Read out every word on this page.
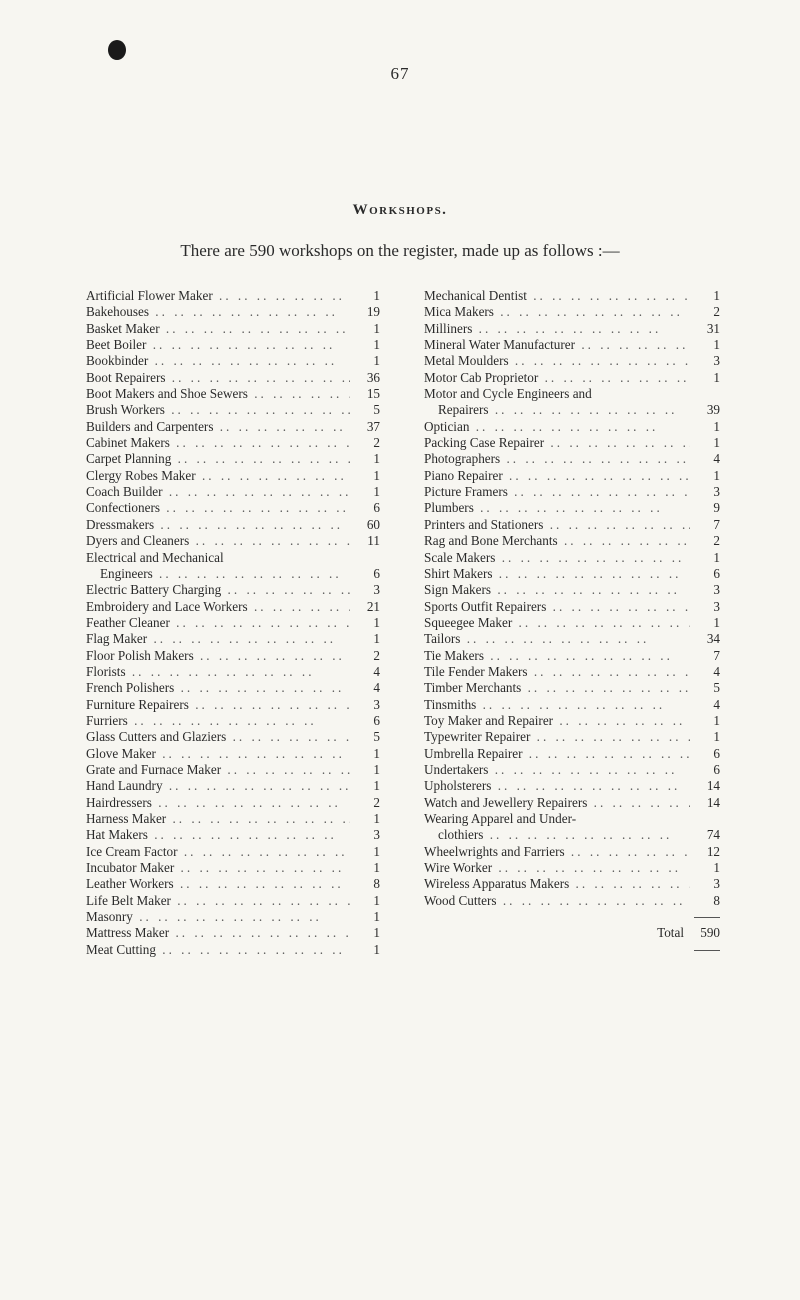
67
Workshops.
There are 590 workshops on the register, made up as follows :—
Artificial Flower Maker .. ..	1
Bakehouses .. ..	19
Basket Maker .. ..	1
Beet Boiler .. ..	1
Bookbinder .. ..	1
Boot Repairers .. ..	36
Boot Makers and Shoe Sewers .. ..	15
Brush Workers .. ..	5
Builders and Carpenters .. ..	37
Cabinet Makers .. ..	2
Carpet Planning .. ..	1
Clergy Robes Maker .. ..	1
Coach Builder .. ..	1
Confectioners .. ..	6
Dressmakers .. ..	60
Dyers and Cleaners .. ..	11
Electrical and Mechanical
Engineers .. ..	6
Electric Battery Charging .. ..	3
Embroidery and Lace Workers .. ..	21
Feather Cleaner .. ..	1
Flag Maker .. ..	1
Floor Polish Makers .. ..	2
Florists .. ..	4
French Polishers .. ..	4
Furniture Repairers .. ..	3
Furriers .. ..	6
Glass Cutters and Glaziers .. ..	5
Glove Maker .. ..	1
Grate and Furnace Maker .. ..	1
Hand Laundry .. ..	1
Hairdressers .. ..	2
Harness Maker .. ..	1
Hat Makers .. ..	3
Ice Cream Factor .. ..	1
Incubator Maker .. ..	1
Leather Workers .. ..	8
Life Belt Maker .. ..	1
Masonry .. ..	1
Mattress Maker .. ..	1
Meat Cutting .. ..	1
Mechanical Dentist .. ..	1
Mica Makers .. ..	2
Milliners .. ..	31
Mineral Water Manufacturer .. ..	1
Metal Moulders .. ..	3
Motor Cab Proprietor .. ..	1
Motor and Cycle Engineers and
Repairers .. ..	39
Optician .. ..	1
Packing Case Repairer .. ..	1
Photographers .. ..	4
Piano Repairer .. ..	1
Picture Framers .. ..	3
Plumbers .. ..	9
Printers and Stationers .. ..	7
Rag and Bone Merchants .. ..	2
Scale Makers .. ..	1
Shirt Makers .. ..	6
Sign Makers .. ..	3
Sports Outfit Repairers .. ..	3
Squeegee Maker .. ..	1
Tailors .. ..	34
Tie Makers .. ..	7
Tile Fender Makers .. ..	4
Timber Merchants .. ..	5
Tinsmiths .. ..	4
Toy Maker and Repairer .. ..	1
Typewriter Repairer .. ..	1
Umbrella Repairer .. ..	6
Undertakers .. ..	6
Upholsterers .. ..	14
Watch and Jewellery Repairers .. ..	14
Wearing Apparel and Under-
clothiers .. ..	74
Wheelwrights and Farriers .. ..	12
Wire Worker .. ..	1
Wireless Apparatus Makers .. ..	3
Wood Cutters .. ..	8
Total	590
